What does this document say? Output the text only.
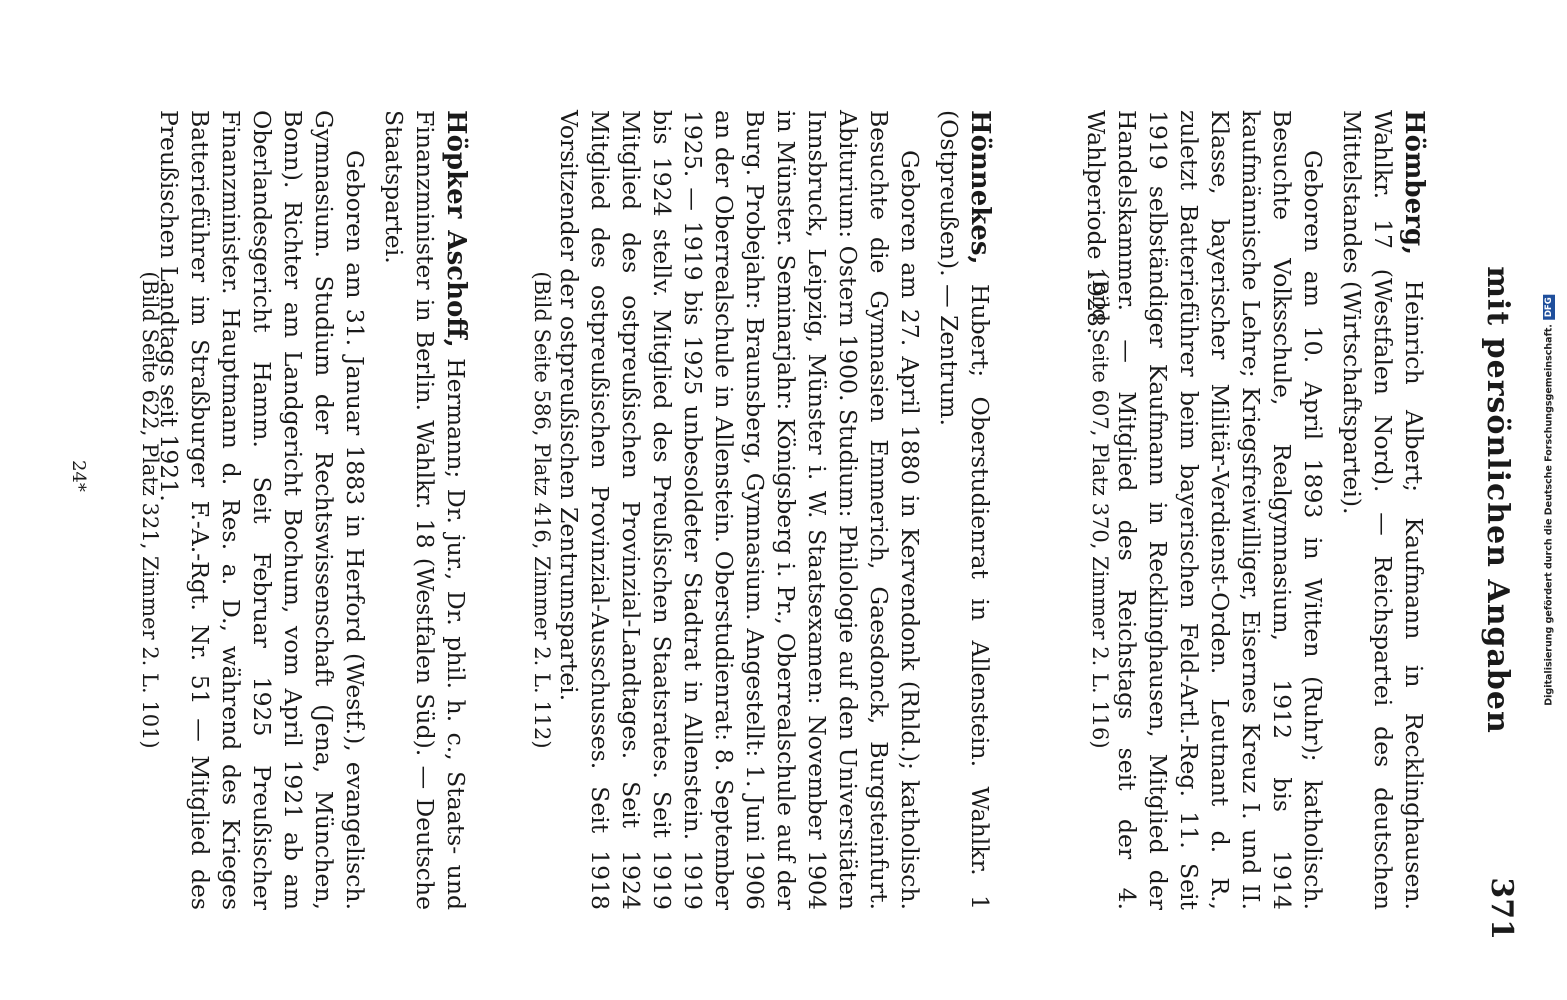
mit persönlichen Angaben
371

Hömberg, Heinrich Albert; Kaufmann in Recklinghausen. Wahlkr. 17 (Westfalen Nord). — Reichspartei des deutschen Mittelstandes (Wirtschaftspartei).

Geboren am 10. April 1893 in Witten (Ruhr); katholisch. Besuchte Volksschule, Realgymnasium, 1912 bis 1914 kaufmännische Lehre; Kriegsfreiwilliger, Eisernes Kreuz I. und II. Klasse, bayerischer Militär-Verdienst-Orden. Leutnant d. R., zuletzt Batterieführer beim bayerischen Feld-Artl.-Reg. 11. Seit 1919 selbständiger Kaufmann in Recklinghausen, Mitglied der Handelskammer. — Mitglied des Reichstags seit der 4. Wahlperiode 1928.

(Bild Seite 607, Platz 370, Zimmer 2. L. 116)

Hönnekes, Hubert; Oberstudienrat in Allenstein. Wahlkr. 1 (Ostpreußen). — Zentrum.

Geboren am 27. April 1880 in Kervendonk (Rhld.); katholisch. Besuchte die Gymnasien Emmerich, Gaesdonck, Burgsteinfurt. Abiturium: Ostern 1900. Studium: Philologie auf den Universitäten Innsbruck, Leipzig, Münster i. W. Staatsexamen: November 1904 in Münster. Seminarjahr: Königsberg i. Pr., Oberrealschule auf der Burg. Probejahr: Braunsberg, Gymnasium. Angestellt: 1. Juni 1906 an der Oberrealschule in Allenstein. Oberstudienrat: 8. September 1925. — 1919 bis 1925 unbesoldeter Stadtrat in Allenstein. 1919 bis 1924 stellv. Mitglied des Preußischen Staatsrates. Seit 1919 Mitglied des ostpreußischen Provinzial-Landtages. Seit 1924 Mitglied des ostpreußischen Provinzial-Ausschusses. Seit 1918 Vorsitzender der ostpreußischen Zentrumspartei.

(Bild Seite 586, Platz 416, Zimmer 2. L. 112)

Höpker Aschoff, Hermann; Dr. jur., Dr. phil. h. c., Staats- und Finanzminister in Berlin. Wahlkr. 18 (Westfalen Süd). — Deutsche Staatspartei.

Geboren am 31. Januar 1883 in Herford (Westf.), evangelisch. Gymnasium. Studium der Rechtswissenschaft (Jena, München, Bonn). Richter am Landgericht Bochum, vom April 1921 ab am Oberlandesgericht Hamm. Seit Februar 1925 Preußischer Finanzminister. Hauptmann d. Res. a. D., während des Krieges Batterieführer im Straßburger F.-A.-Rgt. Nr. 51 — Mitglied des Preußischen Landtags seit 1921.

(Bild Seite 622, Platz 321, Zimmer 2. L. 101)
24*	Digitalisierung gefördert durch die Deutsche Forschungsgemeinschaft.DFG
